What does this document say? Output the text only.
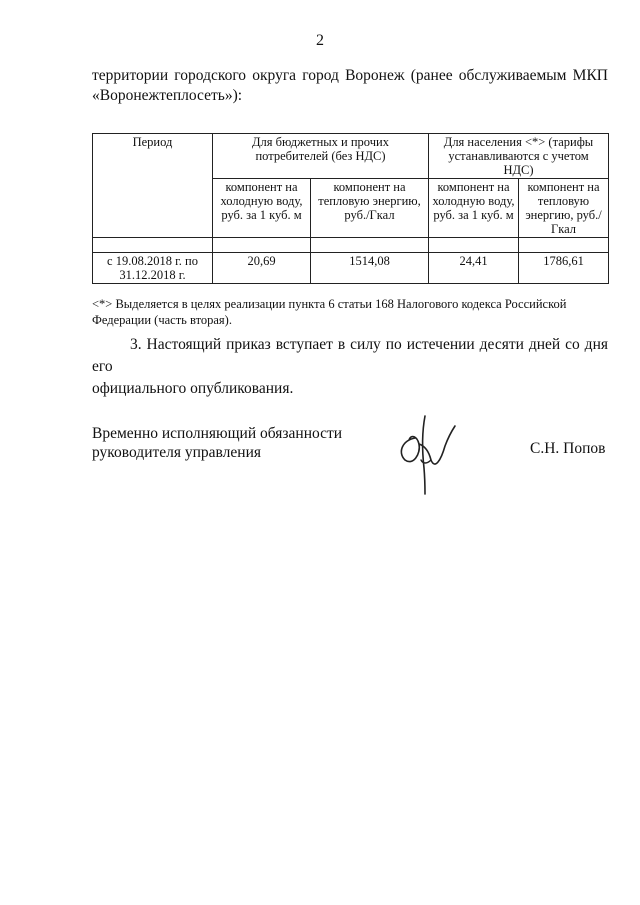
2
территории городского округа город Воронеж (ранее обслуживаемым МКП «Воронежтеплосеть»):
Период	Для бюджетных и прочих потребителей (без НДС)		Для населения <*> (тарифы устанавливаются с учетом НДС)	
	компонент на холодную воду, руб. за 1 куб. м	компонент на тепловую энергию, руб./Гкал	компонент на холодную воду, руб. за 1 куб. м	компонент на тепловую энергию, руб./Гкал

с 19.08.2018 г. по 31.12.2018 г.	20,69	1514,08	24,41	1786,61
<*> Выделяется в целях реализации пункта 6 статьи 168 Налогового кодекса Российской Федерации (часть вторая).
3. Настоящий приказ вступает в силу по истечении десяти дней со дня его
официального опубликования.
Временно исполняющий обязанности
руководителя управления	С.Н. Попов
